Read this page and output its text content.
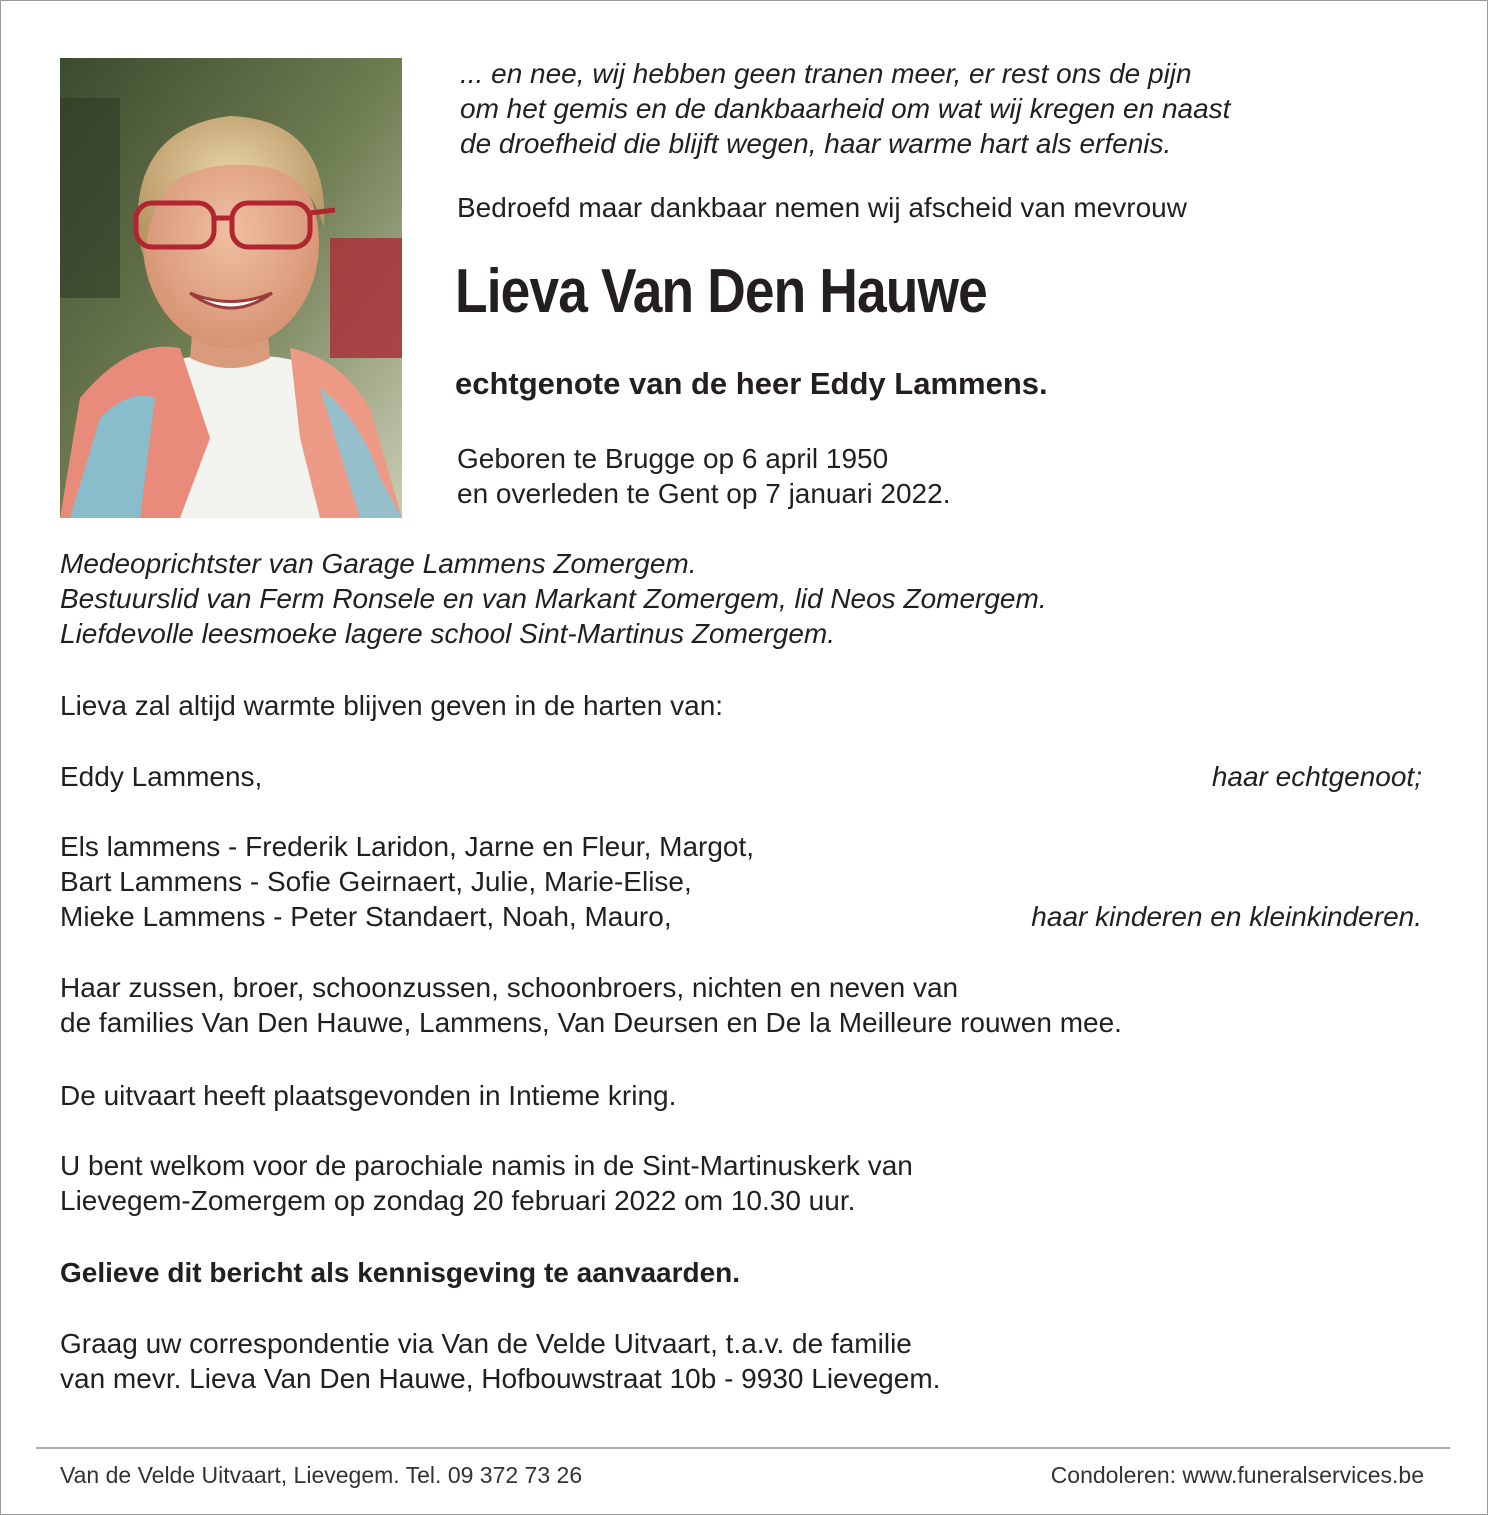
... en nee, wij hebben geen tranen meer, er rest ons de pijn
om het gemis en de dankbaarheid om wat wij kregen en naast
de droefheid die blijft wegen, haar warme hart als erfenis.

Bedroefd maar dankbaar nemen wij afscheid van mevrouw

Lieva Van Den Hauwe

echtgenote van de heer Eddy Lammens.

Geboren te Brugge op 6 april 1950
en overleden te Gent op 7 januari 2022.

Medeoprichtster van Garage Lammens Zomergem.
Bestuurslid van Ferm Ronsele en van Markant Zomergem, lid Neos Zomergem.
Liefdevolle leesmoeke lagere school Sint-Martinus Zomergem.

Lieva zal altijd warmte blijven geven in de harten van:

Eddy Lammens,	haar echtgenoot;

Els lammens - Frederik Laridon, Jarne en Fleur, Margot,
Bart Lammens - Sofie Geirnaert, Julie, Marie-Elise,
Mieke Lammens - Peter Standaert, Noah, Mauro,	haar kinderen en kleinkinderen.

Haar zussen, broer, schoonzussen, schoonbroers, nichten en neven van
de families Van Den Hauwe, Lammens, Van Deursen en De la Meilleure rouwen mee.

De uitvaart heeft plaatsgevonden in Intieme kring.

U bent welkom voor de parochiale namis in de Sint-Martinuskerk van
Lievegem-Zomergem op zondag 20 februari 2022 om 10.30 uur.

Gelieve dit bericht als kennisgeving te aanvaarden.

Graag uw correspondentie via Van de Velde Uitvaart, t.a.v. de familie
van mevr. Lieva Van Den Hauwe, Hofbouwstraat 10b - 9930 Lievegem.

Van de Velde Uitvaart, Lievegem. Tel. 09 372 73 26	Condoleren: www.funeralservices.be
